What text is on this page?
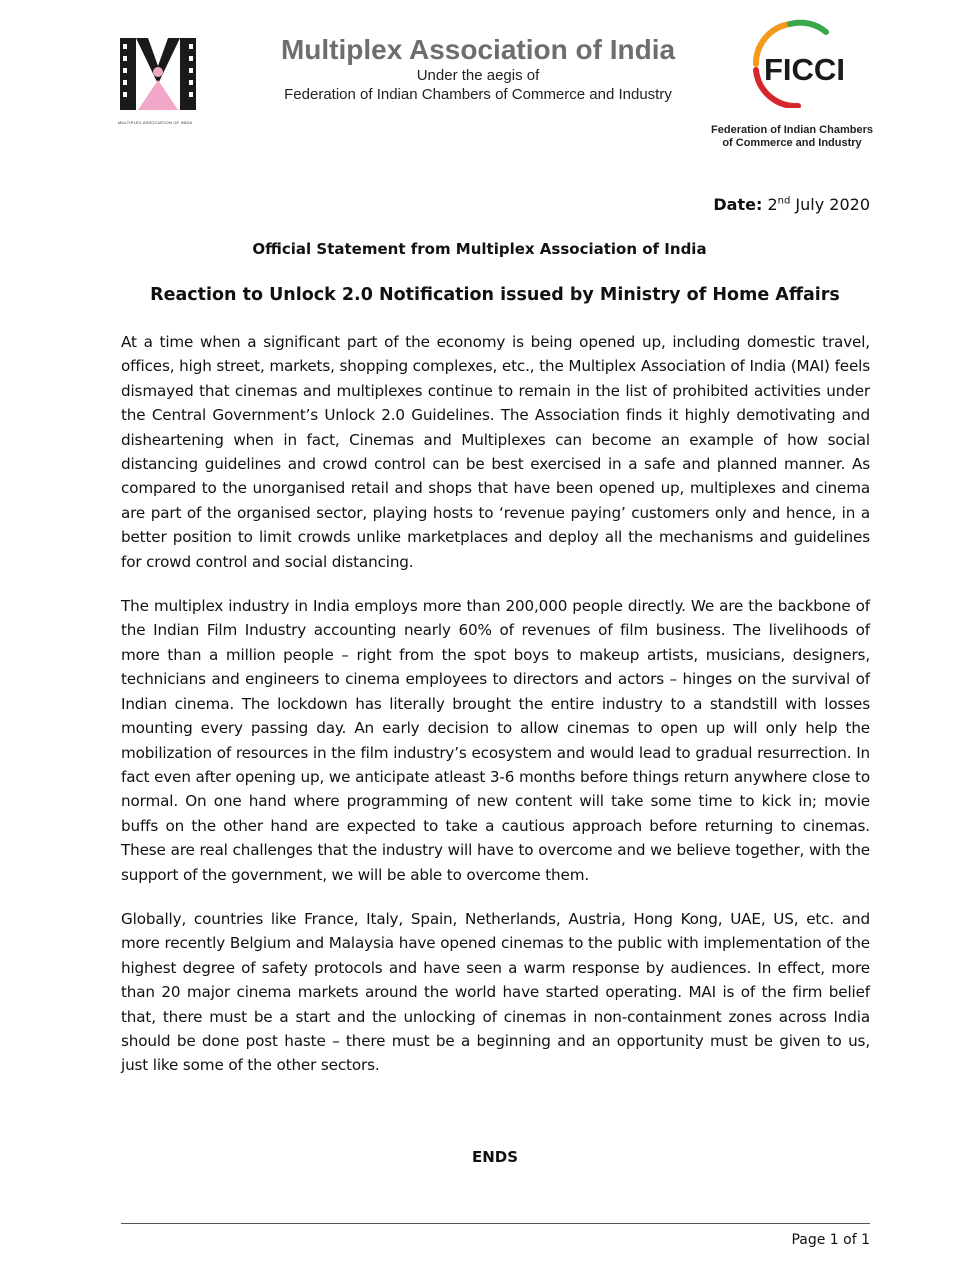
MULTIPLEX ASSOCIATION OF INDIA
Multiplex Association of India
Under the aegis of
Federation of Indian Chambers of Commerce and Industry
FICCI
Federation of Indian Chambers
of Commerce and Industry
Date: 2nd July 2020
Official Statement from Multiplex Association of India
Reaction to Unlock 2.0 Notification issued by Ministry of Home Affairs

At a time when a significant part of the economy is being opened up, including domestic travel, offices, high street, markets, shopping complexes, etc., the Multiplex Association of India (MAI) feels dismayed that cinemas and multiplexes continue to remain in the list of prohibited activities under the Central Government’s Unlock 2.0 Guidelines. The Association finds it highly demotivating and disheartening when in fact, Cinemas and Multiplexes can become an example of how social distancing guidelines and crowd control can be best exercised in a safe and planned manner. As compared to the unorganised retail and shops that have been opened up, multiplexes and cinema are part of the organised sector, playing hosts to ‘revenue paying’ customers only and hence, in a better position to limit crowds unlike marketplaces and deploy all the mechanisms and guidelines for crowd control and social distancing.

The multiplex industry in India employs more than 200,000 people directly. We are the backbone of the Indian Film Industry accounting nearly 60% of revenues of film business. The livelihoods of more than a million people – right from the spot boys to makeup artists, musicians, designers, technicians and engineers to cinema employees to directors and actors – hinges on the survival of Indian cinema. The lockdown has literally brought the entire industry to a standstill with losses mounting every passing day. An early decision to allow cinemas to open up will only help the mobilization of resources in the film industry’s ecosystem and would lead to gradual resurrection. In fact even after opening up, we anticipate atleast 3-6 months before things return anywhere close to normal. On one hand where programming of new content will take some time to kick in; movie buffs on the other hand are expected to take a cautious approach before returning to cinemas. These are real challenges that the industry will have to overcome and we believe together, with the support of the government, we will be able to overcome them.

Globally, countries like France, Italy, Spain, Netherlands, Austria, Hong Kong, UAE, US, etc. and more recently Belgium and Malaysia have opened cinemas to the public with implementation of the highest degree of safety protocols and have seen a warm response by audiences. In effect, more than 20 major cinema markets around the world have started operating. MAI is of the firm belief that, there must be a start and the unlocking of cinemas in non-containment zones across India should be done post haste – there must be a beginning and an opportunity must be given to us, just like some of the other sectors.

ENDS
Page 1 of 1
